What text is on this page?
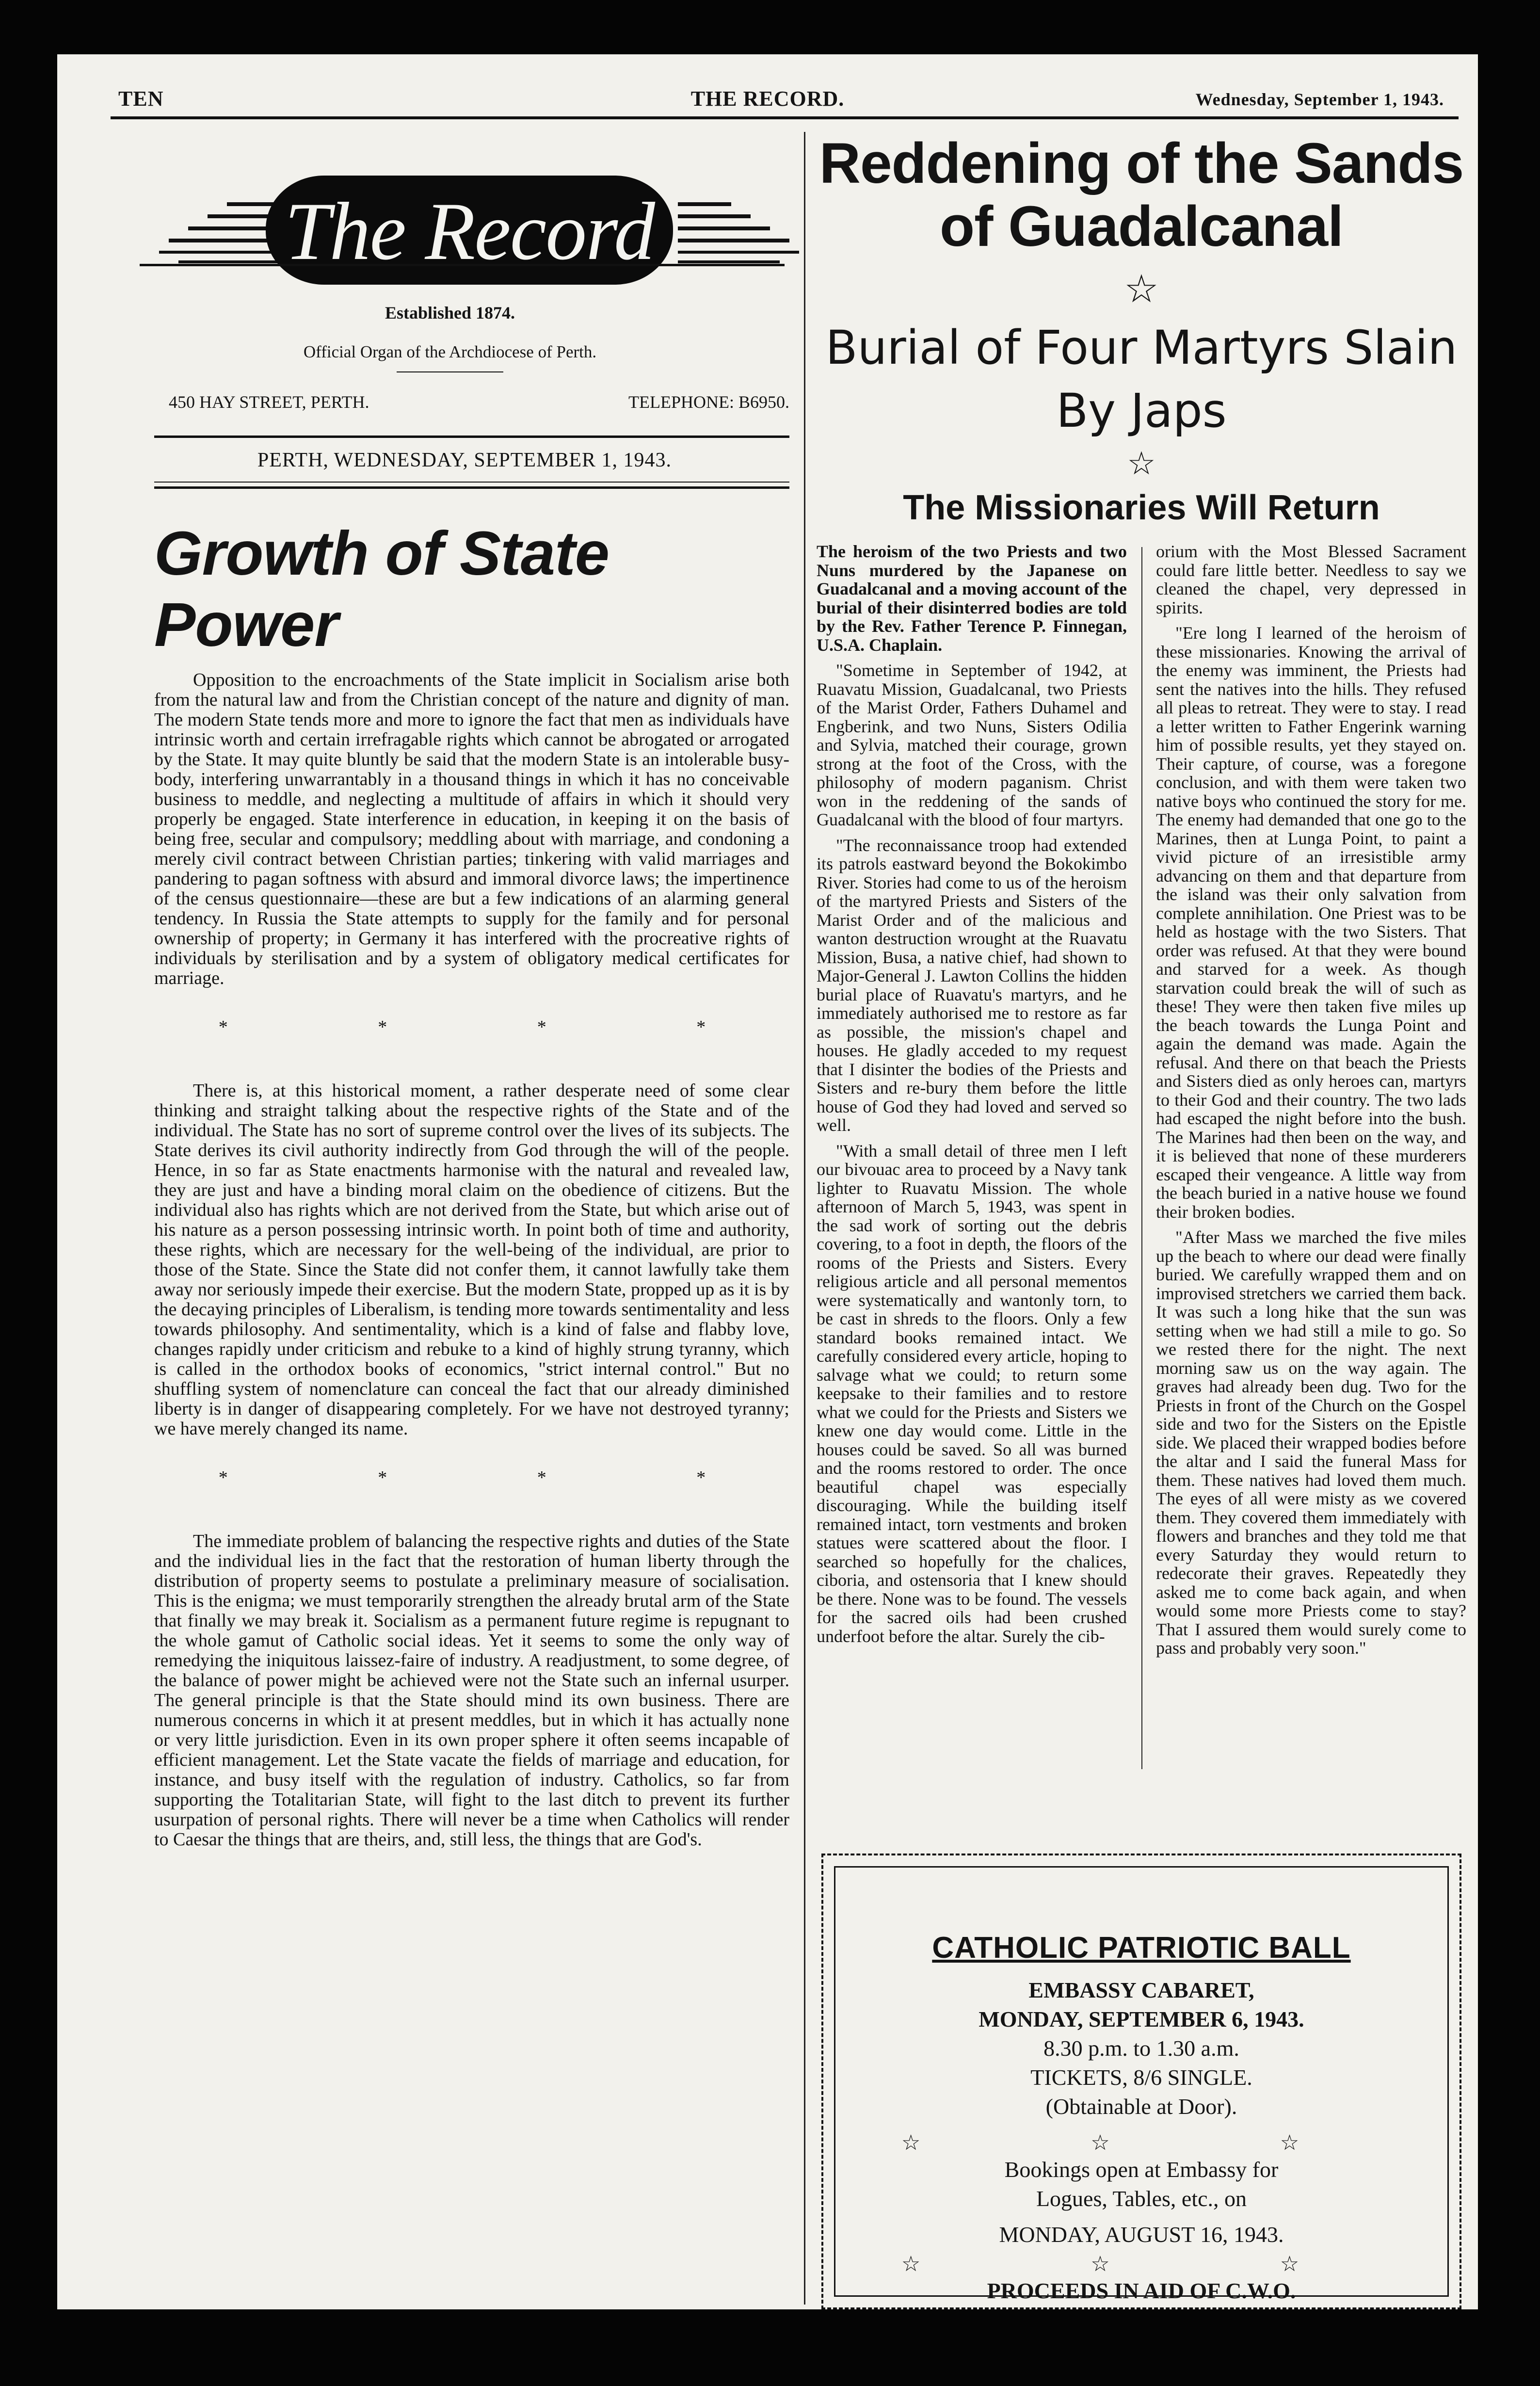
TEN	THE RECORD.	Wednesday, September 1, 1943.
The Record
Established 1874.
Official Organ of the Archdiocese of Perth.
450 HAY STREET, PERTH.	TELEPHONE: B6950.
PERTH, WEDNESDAY, SEPTEMBER 1, 1943.
Growth of State Power

Opposition to the encroachments of the State implicit in Socialism arise both from the natural law and from the Christian concept of the nature and dignity of man. The modern State tends more and more to ignore the fact that men as individuals have intrinsic worth and certain irrefragable rights which cannot be abrogated or arrogated by the State. It may quite bluntly be said that the modern State is an intolerable busy-body, interfering unwarrantably in a thousand things in which it has no conceivable business to meddle, and neglecting a multitude of affairs in which it should very properly be engaged. State interference in education, in keeping it on the basis of being free, secular and compulsory; meddling about with marriage, and condoning a merely civil contract between Christian parties; tinkering with valid marriages and pandering to pagan softness with absurd and immoral divorce laws; the impertinence of the census questionnaire—these are but a few indications of an alarming general tendency. In Russia the State attempts to supply for the family and for personal ownership of property; in Germany it has interfered with the procreative rights of individuals by sterilisation and by a system of obligatory medical certificates for marriage.

* * * *

There is, at this historical moment, a rather desperate need of some clear thinking and straight talking about the respective rights of the State and of the individual. The State has no sort of supreme control over the lives of its subjects. The State derives its civil authority indirectly from God through the will of the people. Hence, in so far as State enactments harmonise with the natural and revealed law, they are just and have a binding moral claim on the obedience of citizens. But the individual also has rights which are not derived from the State, but which arise out of his nature as a person possessing intrinsic worth. In point both of time and authority, these rights, which are necessary for the well-being of the individual, are prior to those of the State. Since the State did not confer them, it cannot lawfully take them away nor seriously impede their exercise. But the modern State, propped up as it is by the decaying principles of Liberalism, is tending more towards sentimentality and less towards philosophy. And sentimentality, which is a kind of false and flabby love, changes rapidly under criticism and rebuke to a kind of highly strung tyranny, which is called in the orthodox books of economics, "strict internal control." But no shuffling system of nomenclature can conceal the fact that our already diminished liberty is in danger of disappearing completely. For we have not destroyed tyranny; we have merely changed its name.

* * * *

The immediate problem of balancing the respective rights and duties of the State and the individual lies in the fact that the restoration of human liberty through the distribution of property seems to postulate a preliminary measure of socialisation. This is the enigma; we must temporarily strengthen the already brutal arm of the State that finally we may break it. Socialism as a permanent future regime is repugnant to the whole gamut of Catholic social ideas. Yet it seems to some the only way of remedying the iniquitous laissez-faire of industry. A readjustment, to some degree, of the balance of power might be achieved were not the State such an infernal usurper. The general principle is that the State should mind its own business. There are numerous concerns in which it at present meddles, but in which it has actually none or very little jurisdiction. Even in its own proper sphere it often seems incapable of efficient management. Let the State vacate the fields of marriage and education, for instance, and busy itself with the regulation of industry. Catholics, so far from supporting the Totalitarian State, will fight to the last ditch to prevent its further usurpation of personal rights. There will never be a time when Catholics will render to Caesar the things that are theirs, and, still less, the things that are God's.

Reddening of the Sands of Guadalcanal
☆
Burial of Four Martyrs Slain By Japs
☆
The Missionaries Will Return

The heroism of the two Priests and two Nuns murdered by the Japanese on Guadalcanal and a moving account of the burial of their disinterred bodies are told by the Rev. Father Terence P. Finnegan, U.S.A. Chaplain.

"Sometime in September of 1942, at Ruavatu Mission, Guadalcanal, two Priests of the Marist Order, Fathers Duhamel and Engberink, and two Nuns, Sisters Odilia and Sylvia, matched their courage, grown strong at the foot of the Cross, with the philosophy of modern paganism. Christ won in the reddening of the sands of Guadalcanal with the blood of four martyrs.

"The reconnaissance troop had extended its patrols eastward beyond the Bokokimbo River. Stories had come to us of the heroism of the martyred Priests and Sisters of the Marist Order and of the malicious and wanton destruction wrought at the Ruavatu Mission, Busa, a native chief, had shown to Major-General J. Lawton Collins the hidden burial place of Ruavatu's martyrs, and he immediately authorised me to restore as far as possible, the mission's chapel and houses. He gladly acceded to my request that I disinter the bodies of the Priests and Sisters and re-bury them before the little house of God they had loved and served so well.

"With a small detail of three men I left our bivouac area to proceed by a Navy tank lighter to Ruavatu Mission. The whole afternoon of March 5, 1943, was spent in the sad work of sorting out the debris covering, to a foot in depth, the floors of the rooms of the Priests and Sisters. Every religious article and all personal mementos were systematically and wantonly torn, to be cast in shreds to the floors. Only a few standard books remained intact. We carefully considered every article, hoping to salvage what we could; to return some keepsake to their families and to restore what we could for the Priests and Sisters we knew one day would come. Little in the houses could be saved. So all was burned and the rooms restored to order. The once beautiful chapel was especially discouraging. While the building itself remained intact, torn vestments and broken statues were scattered about the floor. I searched so hopefully for the chalices, ciboria, and ostensoria that I knew should be there. None was to be found. The vessels for the sacred oils had been crushed underfoot before the altar. Surely the cib-

orium with the Most Blessed Sacrament could fare little better. Needless to say we cleaned the chapel, very depressed in spirits.

"Ere long I learned of the heroism of these missionaries. Knowing the arrival of the enemy was imminent, the Priests had sent the natives into the hills. They refused all pleas to retreat. They were to stay. I read a letter written to Father Engerink warning him of possible results, yet they stayed on. Their capture, of course, was a foregone conclusion, and with them were taken two native boys who continued the story for me. The enemy had demanded that one go to the Marines, then at Lunga Point, to paint a vivid picture of an irresistible army advancing on them and that departure from the island was their only salvation from complete annihilation. One Priest was to be held as hostage with the two Sisters. That order was refused. At that they were bound and starved for a week. As though starvation could break the will of such as these! They were then taken five miles up the beach towards the Lunga Point and again the demand was made. Again the refusal. And there on that beach the Priests and Sisters died as only heroes can, martyrs to their God and their country. The two lads had escaped the night before into the bush. The Marines had then been on the way, and it is believed that none of these murderers escaped their vengeance. A little way from the beach buried in a native house we found their broken bodies.

"After Mass we marched the five miles up the beach to where our dead were finally buried. We carefully wrapped them and on improvised stretchers we carried them back. It was such a long hike that the sun was setting when we had still a mile to go. So we rested there for the night. The next morning saw us on the way again. The graves had already been dug. Two for the Priests in front of the Church on the Gospel side and two for the Sisters on the Epistle side. We placed their wrapped bodies before the altar and I said the funeral Mass for them. These natives had loved them much. The eyes of all were misty as we covered them. They covered them immediately with flowers and branches and they told me that every Saturday they would return to redecorate their graves. Repeatedly they asked me to come back again, and when would some more Priests come to stay? That I assured them would surely come to pass and probably very soon."

CATHOLIC PATRIOTIC BALL
EMBASSY CABARET,
MONDAY, SEPTEMBER 6, 1943.
8.30 p.m. to 1.30 a.m.
TICKETS, 8/6 SINGLE.
(Obtainable at Door).
☆ ☆ ☆
Bookings open at Embassy for
Logues, Tables, etc., on
MONDAY, AUGUST 16, 1943.
☆ ☆ ☆
PROCEEDS IN AID OF C.W.O.
